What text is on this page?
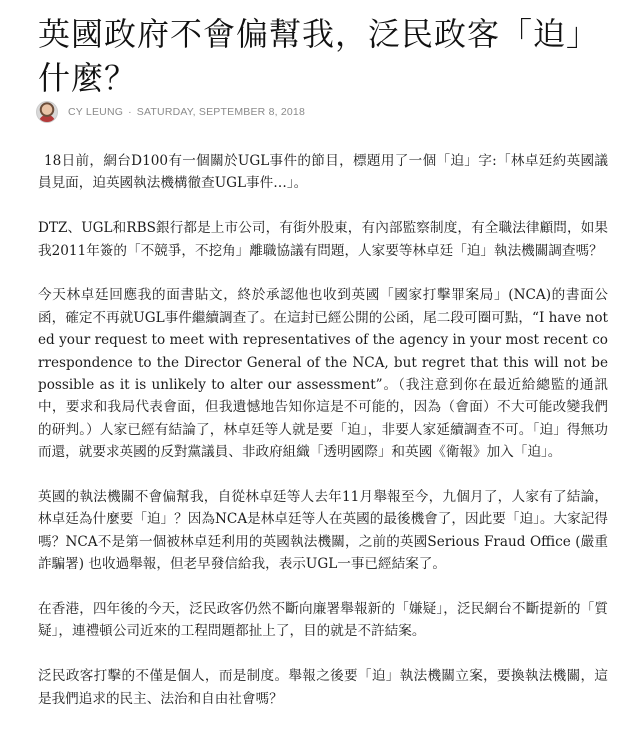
英國政府不會偏幫我，泛民政客「迫」什麼？
CY LEUNG · SATURDAY, SEPTEMBER 8, 2018

18日前，網台D100有一個關於UGL事件的節目，標題用了一個「迫」字:「林卓廷約英國議員見面，迫英國執法機構徹查UGL事件…」。

DTZ、UGL和RBS銀行都是上市公司，有街外股東，有內部監察制度，有全職法律顧問，如果我2011年簽的「不競爭，不挖角」離職協議有問題，人家要等林卓廷「迫」執法機關調查嗎？

今天林卓廷回應我的面書貼文，終於承認他也收到英國「國家打擊罪案局」(NCA)的書面公函，確定不再就UGL事件繼續調查了。在這封已經公開的公函，尾二段可圈可點，“I have noted your request to meet with representatives of the agency in your most recent correspondence to the Director General of the NCA, but regret that this will not be possible as it is unlikely to alter our assessment”。（我注意到你在最近給總監的通訊中，要求和我局代表會面，但我遺憾地告知你這是不可能的，因為（會面）不大可能改變我們的研判。）人家已經有結論了，林卓廷等人就是要「迫」，非要人家延續調查不可。「迫」得無功而還，就要求英國的反對黨議員、非政府組織「透明國際」和英國《衛報》加入「迫」。

英國的執法機關不會偏幫我，自從林卓廷等人去年11月舉報至今，九個月了，人家有了結論，林卓廷為什麼要「迫」？因為NCA是林卓廷等人在英國的最後機會了，因此要「迫」。大家記得嗎？NCA不是第一個被林卓廷利用的英國執法機關，之前的英國Serious Fraud Office (嚴重詐騙署) 也收過舉報，但老早發信給我，表示UGL一事已經結案了。

在香港，四年後的今天，泛民政客仍然不斷向廉署舉報新的「嫌疑」，泛民網台不斷提新的「質疑」，連禮頓公司近來的工程問題都扯上了，目的就是不許結案。

泛民政客打擊的不僅是個人，而是制度。舉報之後要「迫」執法機關立案，要換執法機關，這是我們追求的民主、法治和自由社會嗎？
